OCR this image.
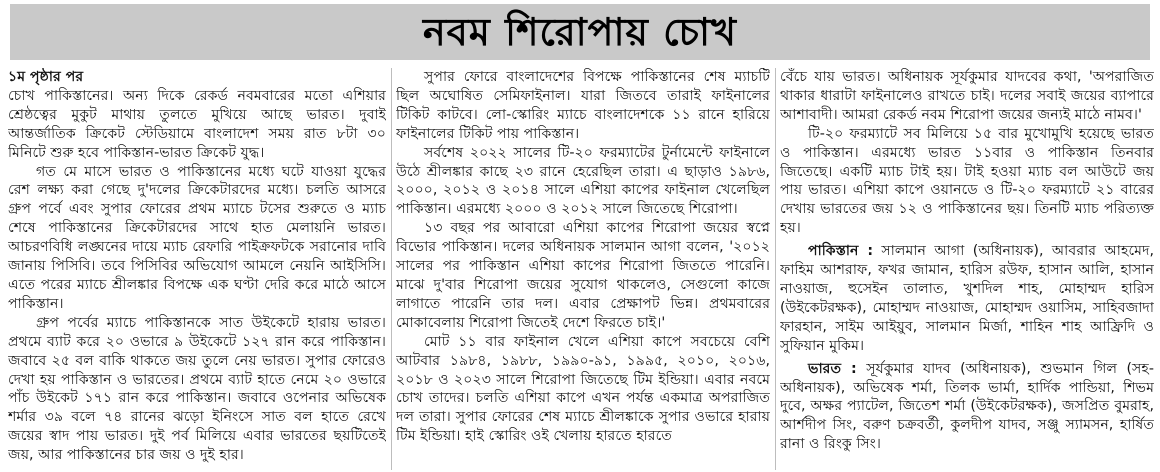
নবম শিরোপায় চোখ

১ম পৃষ্ঠার পর

চোখ পাকিস্তানের। অন্য দিকে রেকর্ড নবমবারের মতো এশিয়ার শ্রেষ্ঠত্বের মুকুট মাথায় তুলতে মুখিয়ে আছে ভারত। দুবাই আন্তর্জাতিক ক্রিকেট স্টেডিয়ামে বাংলাদেশ সময় রাত ৮টা ৩০ মিনিটে শুরু হবে পাকিস্তান-ভারত ক্রিকেট যুদ্ধ।

গত মে মাসে ভারত ও পাকিস্তানের মধ্যে ঘটে যাওয়া যুদ্ধের রেশ লক্ষ্য করা গেছে দু'দলের ক্রিকেটারদের মধ্যে। চলতি আসরে গ্রুপ পর্বে এবং সুপার ফোরের প্রথম ম্যাচে টসের শুরুতে ও ম্যাচ শেষে পাকিস্তানের ক্রিকেটারদের সাথে হাত মেলায়নি ভারত। আচরণবিধি লঙ্ঘনের দায়ে ম্যাচ রেফারি পাইক্রফটকে সরানোর দাবি জানায় পিসিবি। তবে পিসিবির অভিযোগ আমলে নেয়নি আইসিসি। এতে পরের ম্যাচে শ্রীলঙ্কার বিপক্ষে এক ঘণ্টা দেরি করে মাঠে আসে পাকিস্তান।

গ্রুপ পর্বের ম্যাচে পাকিস্তানকে সাত উইকেটে হারায় ভারত। প্রথমে ব্যাট করে ২০ ওভারে ৯ উইকেটে ১২৭ রান করে পাকিস্তান। জবাবে ২৫ বল বাকি থাকতে জয় তুলে নেয় ভারত। সুপার ফোরেও দেখা হয় পাকিস্তান ও ভারতের। প্রথমে ব্যাট হাতে নেমে ২০ ওভারে পাঁচ উইকেট ১৭১ রান করে পাকিস্তান। জবাবে ওপেনার অভিষেক শর্মার ৩৯ বলে ৭৪ রানের ঝড়ো ইনিংসে সাত বল হাতে রেখে জয়ের স্বাদ পায় ভারত। দুই পর্ব মিলিয়ে এবার ভারতের ছয়টিতেই জয়, আর পাকিস্তানের চার জয় ও দুই হার।

সুপার ফোরে বাংলাদেশের বিপক্ষে পাকিস্তানের শেষ ম্যাচটি ছিল অঘোষিত সেমিফাইনাল। যারা জিতবে তারাই ফাইনালের টিকিট কাটবে। লো-স্কোরিং ম্যাচে বাংলাদেশকে ১১ রানে হারিয়ে ফাইনালের টিকিট পায় পাকিস্তান।

সর্বশেষ ২০২২ সালের টি-২০ ফরম্যাটের টুর্নামেন্টে ফাইনালে উঠে শ্রীলঙ্কার কাছে ২৩ রানে হেরেছিল তারা। এ ছাড়াও ১৯৮৬, ২০০০, ২০১২ ও ২০১৪ সালে এশিয়া কাপের ফাইনাল খেলেছিল পাকিস্তান। এরমধ্যে ২০০০ ও ২০১২ সালে জিতেছে শিরোপা।

১৩ বছর পর আবারো এশিয়া কাপের শিরোপা জয়ের স্বপ্নে বিভোর পাকিস্তান। দলের অধিনায়ক সালমান আগা বলেন, '২০১২ সালের পর পাকিস্তান এশিয়া কাপের শিরোপা জিততে পারেনি। মাঝে দু'বার শিরোপা জয়ের সুযোগ থাকলেও, সেগুলো কাজে লাগাতে পারেনি তার দল। এবার প্রেক্ষাপট ভিন্ন। প্রথমবারের মোকাবেলায় শিরোপা জিতেই দেশে ফিরতে চাই।'

মোট ১১ বার ফাইনাল খেলে এশিয়া কাপে সবচেয়ে বেশি আটবার ১৯৮৪, ১৯৮৮, ১৯৯০-৯১, ১৯৯৫, ২০১০, ২০১৬, ২০১৮ ও ২০২৩ সালে শিরোপা জিতেছে টিম ইন্ডিয়া। এবার নবমে চোখ তাদের। চলতি এশিয়া কাপে এখন পর্যন্ত একমাত্র অপরাজিত দল তারা। সুপার ফোরের শেষ ম্যাচে শ্রীলঙ্কাকে সুপার ওভারে হারায় টিম ইন্ডিয়া। হাই স্কোরিং ওই খেলায় হারতে হারতে

বেঁচে যায় ভারত। অধিনায়ক সূর্যকুমার যাদবের কথা, 'অপরাজিত থাকার ধারাটা ফাইনালেও রাখতে চাই। দলের সবাই জয়ের ব্যাপারে আশাবাদী। আমরা রেকর্ড নবম শিরোপা জয়ের জন্যই মাঠে নামব।'

টি-২০ ফরম্যাটে সব মিলিয়ে ১৫ বার মুখোমুখি হয়েছে ভারত ও পাকিস্তান। এরমধ্যে ভারত ১১বার ও পাকিস্তান তিনবার জিতেছে। একটি ম্যাচ টাই হয়। টাই হওয়া ম্যাচ বল আউটে জয় পায় ভারত। এশিয়া কাপে ওয়ানডে ও টি-২০ ফরম্যাটে ২১ বারের দেখায় ভারতের জয় ১২ ও পাকিস্তানের ছয়। তিনটি ম্যাচ পরিত্যক্ত হয়।

পাকিস্তান : সালমান আগা (অধিনায়ক), আবরার আহমেদ, ফাহিম আশরাফ, ফখর জামান, হারিস রউফ, হাসান আলি, হাসান নাওয়াজ, হুসেইন তালাত, খুশদিল শাহ, মোহাম্মদ হারিস (উইকেটরক্ষক), মোহাম্মদ নাওয়াজ, মোহাম্মদ ওয়াসিম, সাহিবজাদা ফারহান, সাইম আইয়ুব, সালমান মির্জা, শাহিন শাহ আফ্রিদি ও সুফিয়ান মুকিম।

ভারত : সূর্যকুমার যাদব (অধিনায়ক), শুভমান গিল (সহ-অধিনায়ক), অভিষেক শর্মা, তিলক ভার্মা, হার্দিক পান্ডিয়া, শিভম দুবে, অক্ষর প্যাটেল, জিতেশ শর্মা (উইকেটরক্ষক), জসপ্রিত বুমরাহ, আর্শদীপ সিং, বরুণ চক্রবর্তী, কুলদীপ যাদব, সঞ্জু স্যামসন, হার্ষিত রানা ও রিংকু সিং।
